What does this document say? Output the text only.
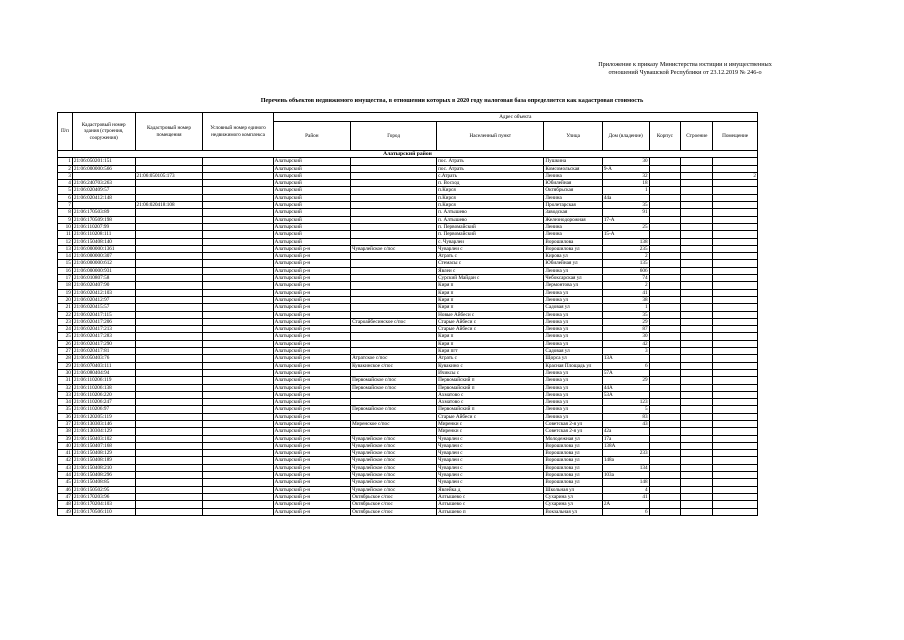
Приложение к приказу Министерства юстиции и имущественных
отношений Чувашской Республики от 23.12.2019 № 246-о
Перечень объектов недвижимого имущества, в отношении которых в 2020 году налоговая база определяется как кадастровая стоимость
П/п	Кадастровый номер здания (строения, сооружения)	Кадастровый номер помещения	Условный номер единого недвижимого комплекса	Адрес объекта							
				Район	Город	Населенный пункт	Улица	Дом (владение)	Корпус	Строение	Помещение
Алатырский район											
1	21:06:050201:151			Алатырский		пос. Атрать	Пушкина	30			
2	21:06:000000:566			Алатырский		пос. Атрать	Комсомольская	9-А			
3		21:06:050105:173		Алатырский		с.Атрать	Ленина	32			2
4	21:06:240703:263			Алатырский		п. Восход	Юбилейная	18			
5	21:06:020409:57			Алатырский		п.Кирся	Октябрьская	1			
6	21:06:020412:148			Алатырский		п.Кирся	Ленина	44а			
7		21:06:020418:108		Алатырский		п.Кирся	Пролетарская	35			
8	21:06:170503:89			Алатырский		п. Алтышево	Заводская	91			
9	21:06:170509:198			Алатырский		п. Алтышево	Железнодорожная	17-А			
10	21:06:110207:99			Алатырский		п. Первомайский	Ленина	25			
11	21:06:110208:111			Алатырский		п. Первомайский	Ленина	15-А			
12	21:06:150408:140			Алатырский		с. Чуварлеи	Ворошилова	138			
13	21:06:000000:1361			Алатырский р-н	Чуварлейское с/пос	Чуварлеи с	Ворошилова ул	235			
14	21:06:000000:307			Алатырский р-н		Атрать с	Кирова ул	2			
15	21:06:000000:612			Алатырский р-н		Стемасы с	Юбилейная ул	135			
16	21:06:000000:931			Алатырский р-н		Явлеи с	Ленина ул	606			
17	21:06:010807:58			Алатырский р-н		Сурский Майдан с	Чебоксарская ул	74			
18	21:06:020407:90			Алатырский р-н		Киря п	Лермонтова ул	2			
19	21:06:020412:103			Алатырский р-н		Киря п	Ленина ул	41			
20	21:06:020412:97			Алатырский р-н		Киря п	Ленина ул	38			
21	21:06:020415:57			Алатырский р-н		Киря п	Садовая ул	1			
22	21:06:020417:115			Алатырский р-н		Новые Айбеси с	Ленина ул	35			
23	21:06:020417:206			Алатырский р-н	Староайбесинское с/пос	Старые Айбеси с	Ленина ул	29			
24	21:06:020417:213			Алатырский р-н		Старые Айбеси с	Ленина ул	87			
25	21:06:020417:283			Алатырский р-н		Киря п	Ленина ул	30			
26	21:06:020417:290			Алатырский р-н		Киря п	Ленина ул	42			
27	21:06:020417:81			Алатырский р-н		Киря пгт	Садовая ул	3			
28	21:06:050403:76			Алатырский р-н	Атратское с/пос	Атрать с	Щорса ул	13А			
29	21:06:070403:111			Алатырский р-н	Кувакинское с/пос	Кувакино с	Красная Площадь ул	6			
30	21:06:080404:94			Алатырский р-н		Ичиксы с	Ленина ул	57А			
31	21:06:110206:119			Алатырский р-н	Первомайское с/пос	Первомайский п	Ленина ул	29			
32	21:06:110206:138			Алатырский р-н	Первомайское с/пос	Первомайский п	Ленина ул	44А			
33	21:06:110206:220			Алатырский р-н		Ахматово с	Ленина ул	53А			
34	21:06:110206:247			Алатырский р-н		Ахматово с	Ленина ул	123			
35	21:06:110206:97			Алатырский р-н	Первомайское с/пос	Первомайский п	Ленина ул	5			
36	21:06:120205:119			Алатырский р-н		Старые Айбеси с	Ленина ул	83			
37	21:06:130303:146			Алатырский р-н	Миренское с/пос	Миренки с	Советская 2-я ул	43			
38	21:06:130304:129			Алатырский р-н		Миренки с	Советская 2-я ул	42а			
39	21:06:150403:102			Алатырский р-н	Чуварлейское с/пос	Чуварлеи с	Молодежная ул	17а			
40	21:06:150407:168			Алатырский р-н	Чуварлейское с/пос	Чуварлеи с	Ворошилова ул	138А			
41	21:06:150408:129			Алатырский р-н	Чуварлейское с/пос	Чуварлеи с	Ворошилова ул	233			
42	21:06:150408:189			Алатырский р-н	Чуварлейское с/пос	Чуварлеи с	Ворошилова ул	148а			
43	21:06:150408:210			Алатырский р-н	Чуварлейское с/пос	Чуварлеи с	Ворошилова ул	134			
44	21:06:150408:296			Алатырский р-н	Чуварлейское с/пос	Чуварлеи с	Ворошилова ул	103а			
45	21:06:150408:85			Алатырский р-н	Чуварлейское с/пос	Чуварлеи с	Ворошилова ул	148			
46	21:06:150502:95			Алатырский р-н	Чуварлейское с/пос	Явлейка д	Школьная ул	4			
47	21:06:170203:96			Алатырский р-н	Октябрьское с/пос	Алтышево с	Сухарина ул	41			
48	21:06:170204:103			Алатырский р-н	Октябрьское с/пос	Алтышево с	Сухарина ул	2А			
49	21:06:170506:110			Алатырский р-н	Октябрьское с/пос	Алтышево п	Вокзальная ул	6			
